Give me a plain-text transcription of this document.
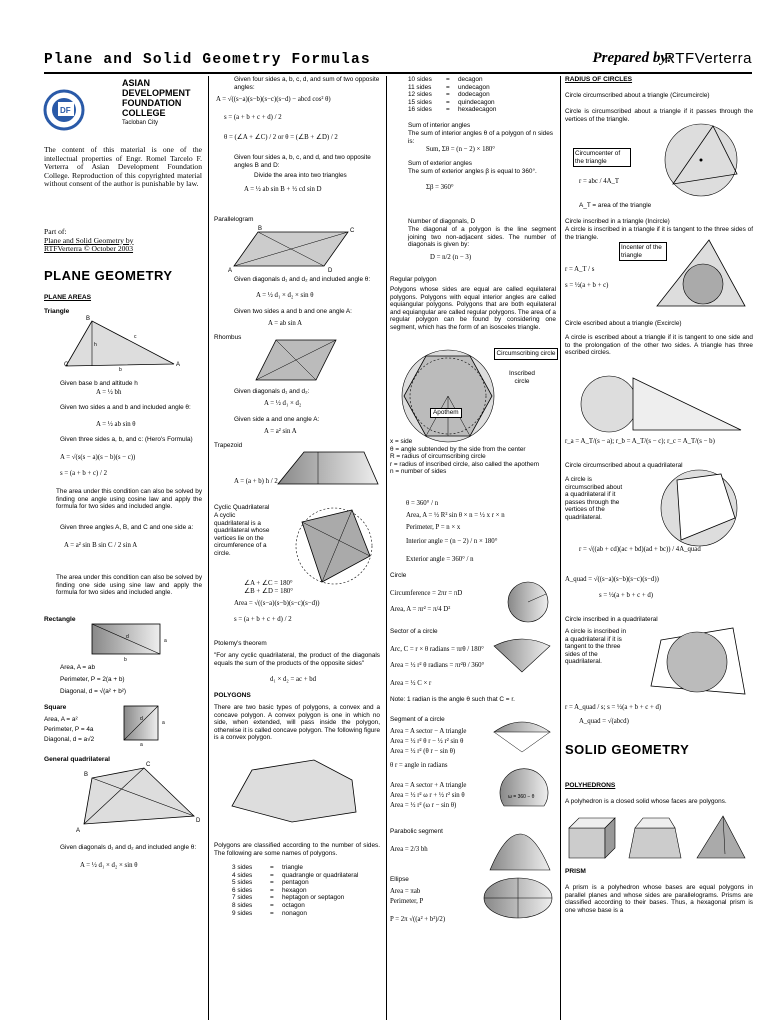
Plane and Solid Geometry Formulas	Prepared by:
RTFVerterra
DF
ASIAN
DEVELOPMENT
FOUNDATION
COLLEGE
Tacloban City
The content of this material is one of the intellectual properties of Engr. Romel Tarcelo F. Verterra of Asian Development Foundation College. Reproduction of this copyrighted material without consent of the author is punishable by law.
Part of:
Plane and Solid Geometry by
RTFVerterra © October 2003
PLANE GEOMETRY
PLANE AREAS
Triangle
B
C	A
h
c
b
Given base b and altitude h
A = ½ bh
Given two sides a and b and included angle θ:
A = ½ ab sin θ
Given three sides a, b, and c: (Hero's Formula)
A = √(s(s − a)(s − b)(s − c))
s = (a + b + c) / 2
The area under this condition can also be solved by finding one angle using cosine law and apply the formula for two sides and included angle.
Given three angles A, B, and C and one side a:
A = a² sin B sin C / 2 sin A
The area under this condition can also be solved by finding one side using sine law and apply the formula for two sides and included angle.
Rectangle
d
a
b
Area, A = ab
Perimeter, P = 2(a + b)
Diagonal, d = √(a² + b²)
Square
Area, A = a²
Perimeter, P = 4a
Diagonal, d = a√2
a
a
d
General quadrilateral
B
C
D
A
Given diagonals d₁ and d₂ and included angle θ:
A = ½ d₁ × d₂ × sin θ
Given four sides a, b, c, d, and sum of two opposite angles:
A = √((s−a)(s−b)(s−c)(s−d) − abcd cos² θ)
s = (a + b + c + d) / 2
θ = (∠A + ∠C) / 2 or θ = (∠B + ∠D) / 2
Given four sides a, b, c, and d, and two opposite angles B and D:
Divide the area into two triangles
A = ½ ab sin B + ½ cd sin D
Parallelogram
B	C
D
A
Given diagonals d₁ and d₂ and included angle θ:
A = ½ d₁ × d₂ × sin θ
Given two sides a and b and one angle A:
A = ab sin A
Rhombus
Given diagonals d₁ and d₂:
A = ½ d₁ × d₂
Given side a and one angle A:
A = a² sin A
Trapezoid
A = (a + b) h / 2
Cyclic Quadrilateral
A cyclic quadrilateral is a quadrilateral whose vertices lie on the circumference of a circle.
∠A + ∠C = 180°
∠B + ∠D = 180°
Area = √((s−a)(s−b)(s−c)(s−d))
s = (a + b + c + d) / 2
Ptolemy's theorem
"For any cyclic quadrilateral, the product of the diagonals equals the sum of the products of the opposite sides"
d₁ × d₂ = ac + bd
POLYGONS
There are two basic types of polygons, a convex and a concave polygon. A convex polygon is one in which no side, when extended, will pass inside the polygon, otherwise it is called concave polygon. The following figure is a convex polygon.
Polygons are classified according to the number of sides. The following are some names of polygons.
3 sides	=triangle
4 sides	=quadrangle or quadrilateral
5 sides	=pentagon
6 sides	=hexagon
7 sides	=heptagon or septagon
8 sides	=octagon
9 sides	=nonagon
10 sides =decagon
11 sides =undecagon
12 sides =dodecagon
15 sides =quindecagon
16 sides =hexadecagon
Sum of interior angles
The sum of interior angles θ of a polygon of n sides is:
Sum, Σθ = (n − 2) × 180°
Sum of exterior angles
The sum of exterior angles β is equal to 360°.
Σβ = 360°
Number of diagonals, D
The diagonal of a polygon is the line segment joining two non-adjacent sides. The number of diagonals is given by:
D = n/2 (n − 3)
Regular polygon
Polygons whose sides are equal are called equilateral polygons. Polygons with equal interior angles are called equiangular polygons. Polygons that are both equilateral and equiangular are called regular polygons. The area of a regular polygon can be found by considering one segment, which has the form of an isosceles triangle.
Circumscribing circle
Inscribed circle
Apothem
x = side
θ = angle subtended by the side from the center
R = radius of circumscribing circle
r = radius of inscribed circle, also called the apothem
n = number of sides
θ = 360° / n
Area, A = ½ R² sin θ × n = ½ x r × n
Perimeter, P = n × x
Interior angle = (n − 2) / n × 180°
Exterior angle = 360° / n
Circle
Circumference = 2πr = πD
Area, A = πr² = π/4 D²
Sector of a circle
Arc, C = r × θ radians = πrθ / 180°
Area = ½ r² θ radians = πr²θ / 360°
Area = ½ C × r
Note: 1 radian is the angle θ such that C = r.
Segment of a circle
Area = A sector − A triangle
Area = ½ r² θ r − ½ r² sin θ
Area = ½ r² (θ r − sin θ)
θ r = angle in radians
Area = A sector + A triangle
Area = ½ r² ω r + ½ r² sin θ
Area = ½ r² (ω r − sin θ)
ω = 360 − θ
Parabolic segment
Area = 2/3 bh
Ellipse
Area = πab
Perimeter, P
P = 2π √((a² + b²)/2)
RADIUS OF CIRCLES
Circle circumscribed about a triangle (Circumcircle)
Circle is circumscribed about a triangle if it passes through the vertices of the triangle.
Circumcenter of the triangle
r = abc / 4A_T
A_T = area of the triangle
Circle inscribed in a triangle (Incircle)
A circle is inscribed in a triangle if it is tangent to the three sides of the triangle.
Incenter of the triangle
r = A_T / s
s = ½(a + b + c)
Circle escribed about a triangle (Excircle)
A circle is escribed about a triangle if it is tangent to one side and to the prolongation of the other two sides. A triangle has three escribed circles.
r_a = A_T/(s − a); r_b = A_T/(s − c); r_c = A_T/(s − b)
Circle circumscribed about a quadrilateral
A circle is circumscribed about a quadrilateral if it passes through the vertices of the quadrilateral.
r = √((ab + cd)(ac + bd)(ad + bc)) / 4A_quad
A_quad = √((s−a)(s−b)(s−c)(s−d))
s = ½(a + b + c + d)
Circle inscribed in a quadrilateral
A circle is inscribed in a quadrilateral if it is tangent to the three sides of the quadrilateral.
r = A_quad / s; s = ½(a + b + c + d)
A_quad = √(abcd)
SOLID GEOMETRY
POLYHEDRONS
A polyhedron is a closed solid whose faces are polygons.
PRISM
A prism is a polyhedron whose bases are equal polygons in parallel planes and whose sides are parallelograms. Prisms are classified according to their bases. Thus, a hexagonal prism is one whose base is a
